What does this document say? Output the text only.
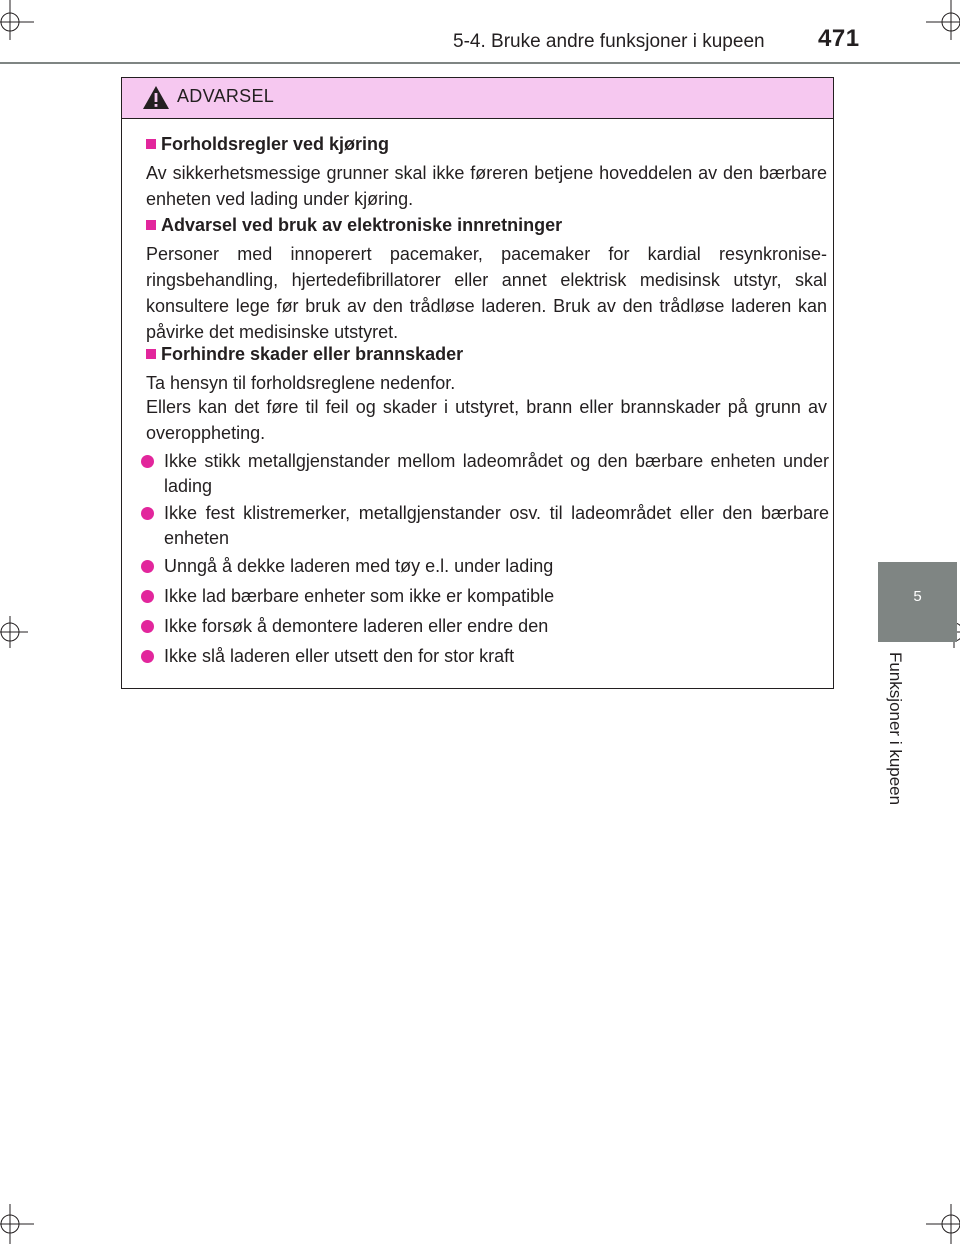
5-4. Bruke andre funksjoner i kupeen 471
5
Funksjoner i kupeen
ADVARSEL
Forholdsregler ved kjøring
Av sikkerhetsmessige grunner skal ikke føreren betjene hoveddelen av den bærbare enheten ved lading under kjøring.
Advarsel ved bruk av elektroniske innretninger
Personer med innoperert pacemaker, pacemaker for kardial resynkronise-ringsbehandling, hjertedefibrillatorer eller annet elektrisk medisinsk utstyr, skal konsultere lege før bruk av den trådløse laderen. Bruk av den trådløse laderen kan påvirke det medisinske utstyret.
Forhindre skader eller brannskader
Ta hensyn til forholdsreglene nedenfor.
Ellers kan det føre til feil og skader i utstyret, brann eller brannskader på grunn av overoppheting.
Ikke stikk metallgjenstander mellom ladeområdet og den bærbare enheten under lading
Ikke fest klistremerker, metallgjenstander osv. til ladeområdet eller den bærbare enheten
Unngå å dekke laderen med tøy e.l. under lading
Ikke lad bærbare enheter som ikke er kompatible
Ikke forsøk å demontere laderen eller endre den
Ikke slå laderen eller utsett den for stor kraft
